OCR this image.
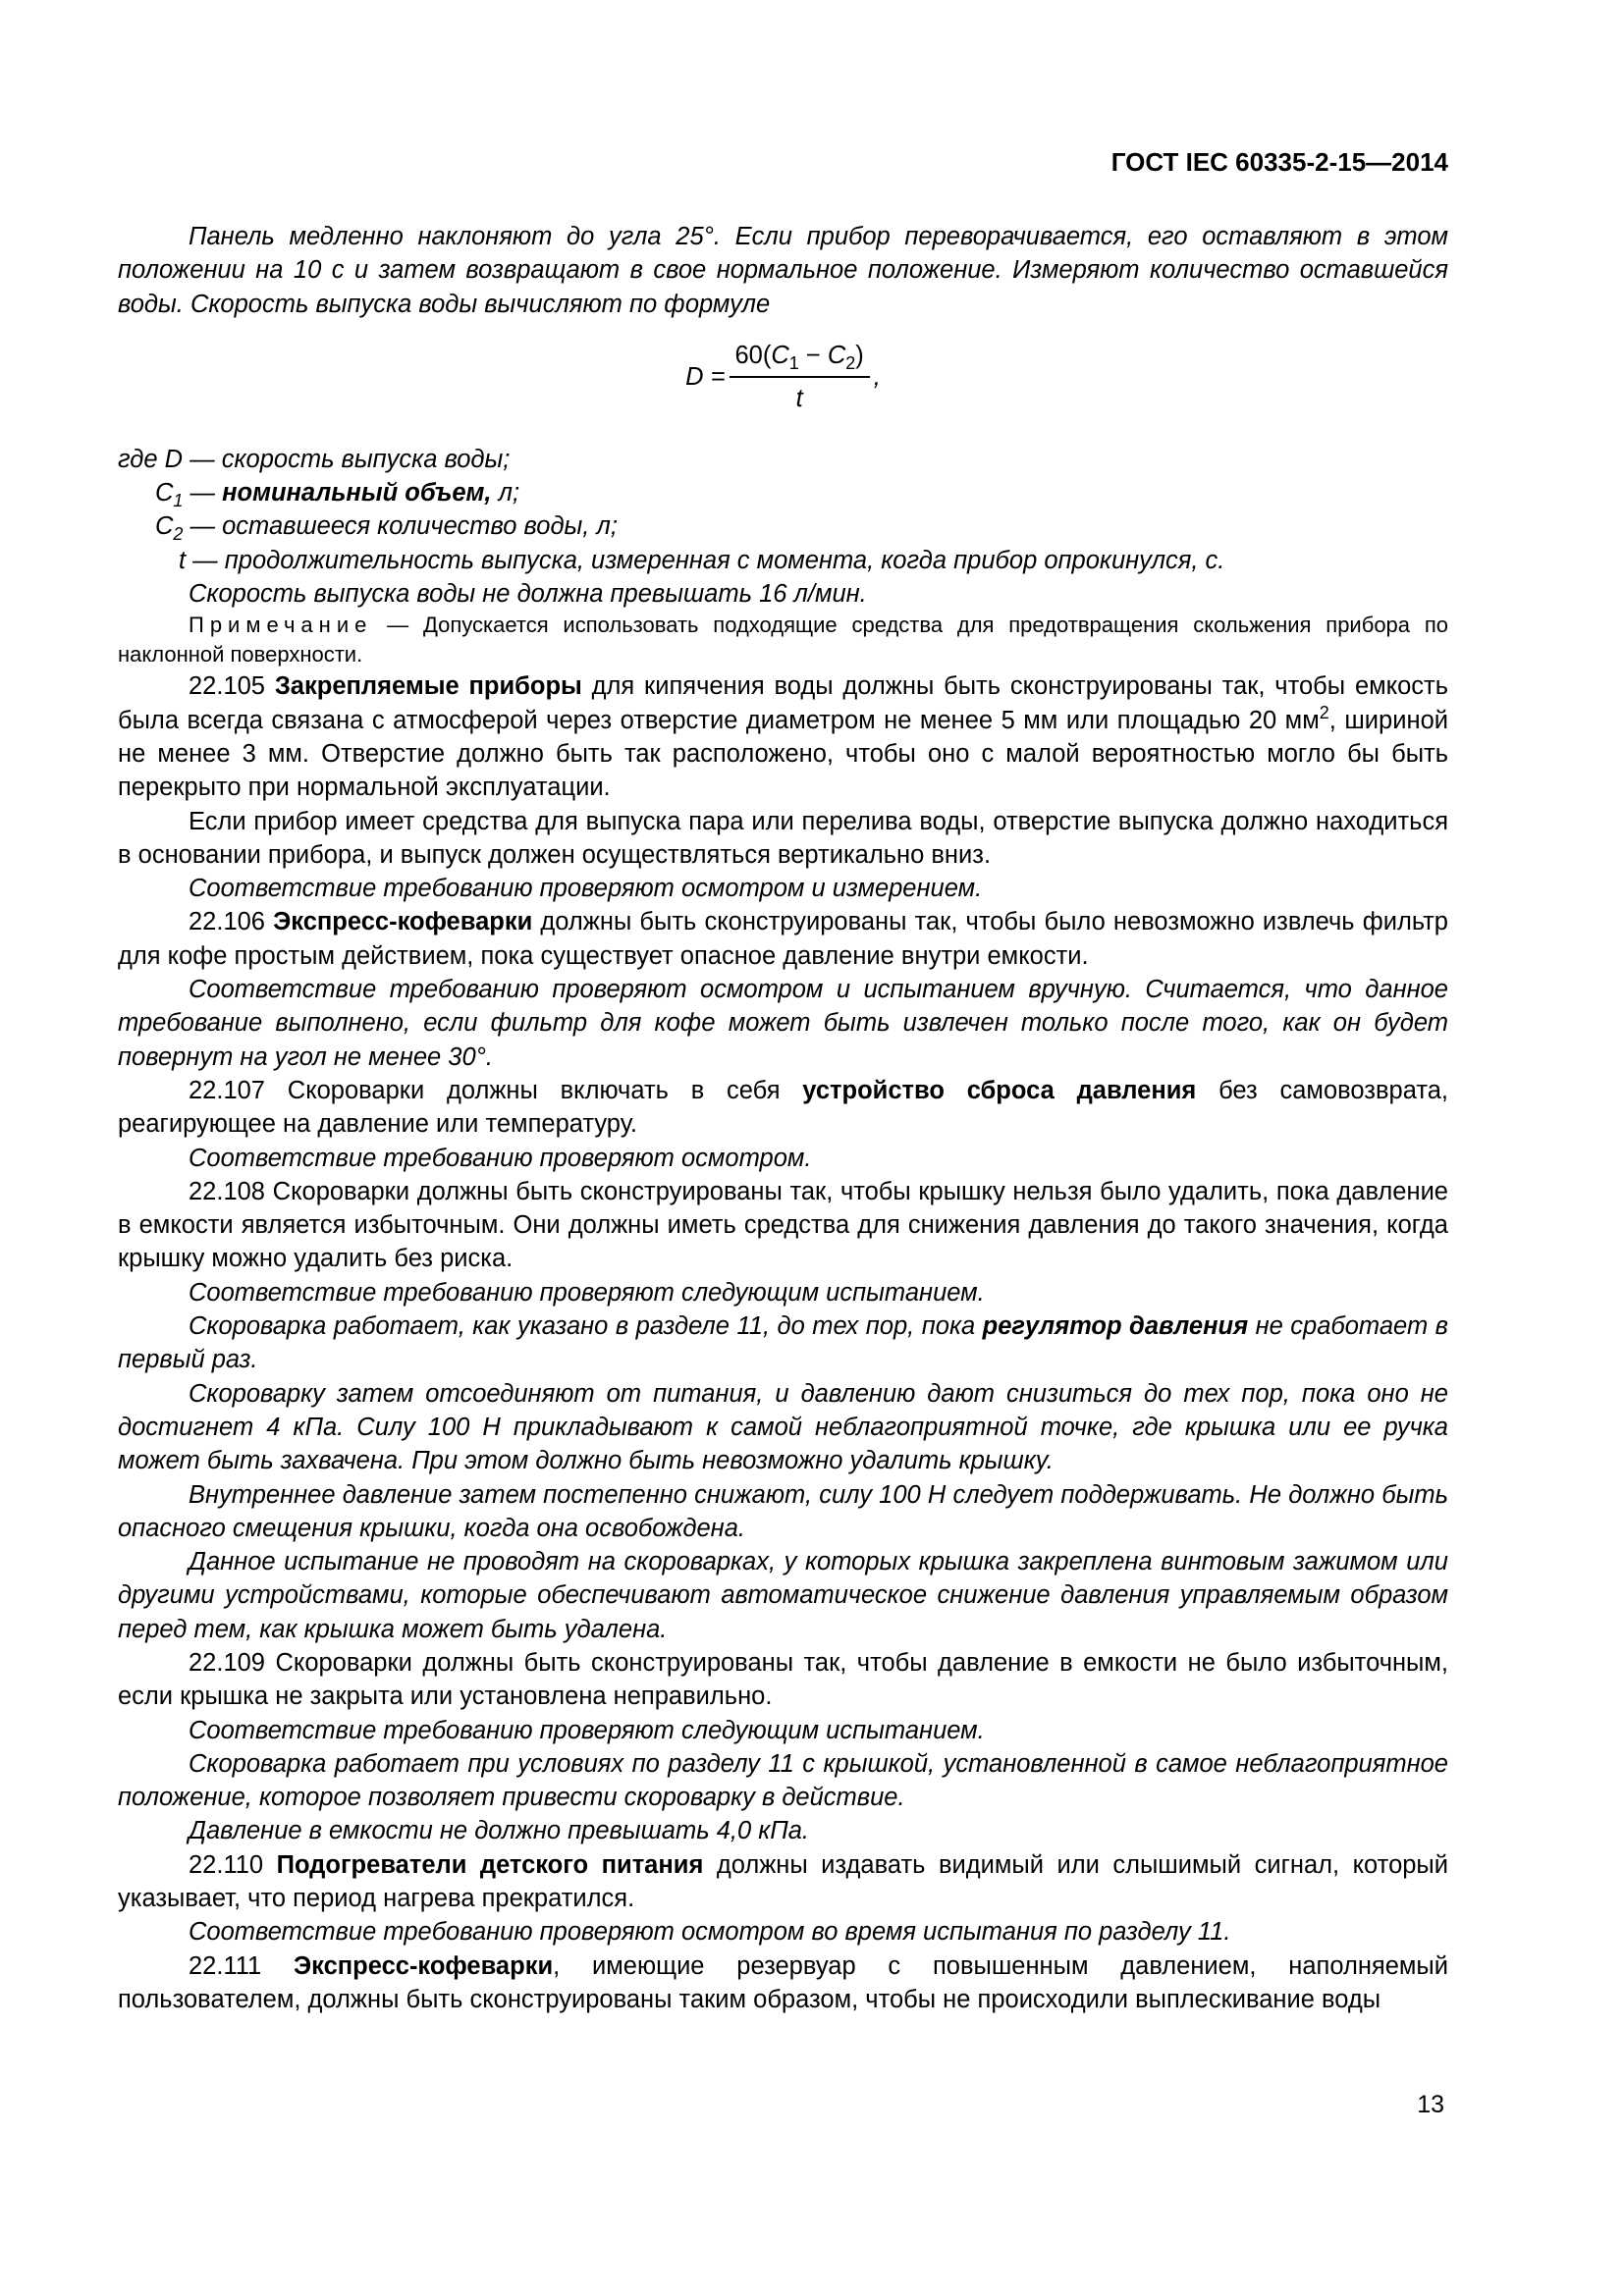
ГОСТ IEC 60335-2-15—2014

Панель медленно наклоняют до угла 25°. Если прибор переворачивается, его оставляют в этом положении на 10 с и затем возвращают в свое нормальное положение. Измеряют количество оставшейся воды. Скорость выпуска воды вычисляют по формуле

$D = \frac{60(C_1 - C_2)}{t}$ ,

где D — скорость выпуска воды;

$C_1$ — номинальный объем, л;

$C_2$ — оставшееся количество воды, л;

t — продолжительность выпуска, измеренная с момента, когда прибор опрокинулся, с.

Скорость выпуска воды не должна превышать 16 л/мин.

Примечание — Допускается использовать подходящие средства для предотвращения скольжения прибора по наклонной поверхности.

22.105 Закрепляемые приборы для кипячения воды должны быть сконструированы так, чтобы емкость была всегда связана с атмосферой через отверстие диаметром не менее 5 мм или площадью 20 $мм^2$, шириной не менее 3 мм. Отверстие должно быть так расположено, чтобы оно с малой вероятностью могло бы быть перекрыто при нормальной эксплуатации.

Если прибор имеет средства для выпуска пара или перелива воды, отверстие выпуска должно находиться в основании прибора, и выпуск должен осуществляться вертикально вниз.

Соответствие требованию проверяют осмотром и измерением.

22.106 Экспресс-кофеварки должны быть сконструированы так, чтобы было невозможно извлечь фильтр для кофе простым действием, пока существует опасное давление внутри емкости.

Соответствие требованию проверяют осмотром и испытанием вручную. Считается, что данное требование выполнено, если фильтр для кофе может быть извлечен только после того, как он будет повернут на угол не менее 30°.

22.107 Скороварки должны включать в себя устройство сброса давления без самовозврата, реагирующее на давление или температуру.

Соответствие требованию проверяют осмотром.

22.108 Скороварки должны быть сконструированы так, чтобы крышку нельзя было удалить, пока давление в емкости является избыточным. Они должны иметь средства для снижения давления до такого значения, когда крышку можно удалить без риска.

Соответствие требованию проверяют следующим испытанием.

Скороварка работает, как указано в разделе 11, до тех пор, пока регулятор давления не сработает в первый раз.

Скороварку затем отсоединяют от питания, и давлению дают снизиться до тех пор, пока оно не достигнет 4 кПа. Силу 100 Н прикладывают к самой неблагоприятной точке, где крышка или ее ручка может быть захвачена. При этом должно быть невозможно удалить крышку.

Внутреннее давление затем постепенно снижают, силу 100 Н следует поддерживать. Не должно быть опасного смещения крышки, когда она освобождена.

Данное испытание не проводят на скороварках, у которых крышка закреплена винтовым зажимом или другими устройствами, которые обеспечивают автоматическое снижение давления управляемым образом перед тем, как крышка может быть удалена.

22.109 Скороварки должны быть сконструированы так, чтобы давление в емкости не было избыточным, если крышка не закрыта или установлена неправильно.

Соответствие требованию проверяют следующим испытанием.

Скороварка работает при условиях по разделу 11 с крышкой, установленной в самое неблагоприятное положение, которое позволяет привести скороварку в действие.

Давление в емкости не должно превышать 4,0 кПа.

22.110 Подогреватели детского питания должны издавать видимый или слышимый сигнал, который указывает, что период нагрева прекратился.

Соответствие требованию проверяют осмотром во время испытания по разделу 11.

22.111 Экспресс-кофеварки, имеющие резервуар с повышенным давлением, наполняемый пользователем, должны быть сконструированы таким образом, чтобы не происходили выплескивание воды

13
